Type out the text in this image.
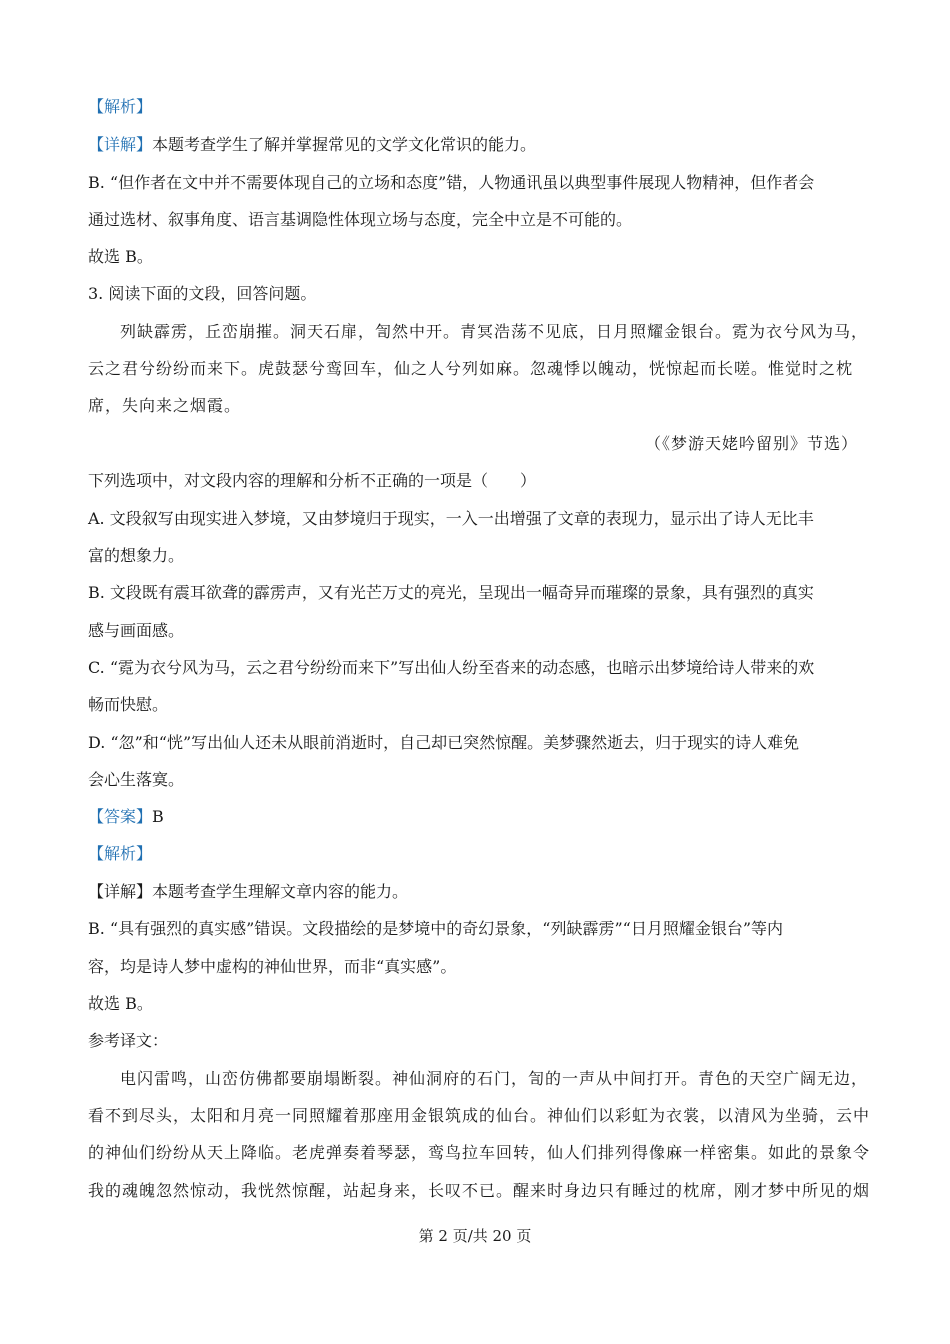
【解析】
【详解】本题考查学生了解并掌握常见的文学文化常识的能力。
B. “但作者在文中并不需要体现自己的立场和态度”错，人物通讯虽以典型事件展现人物精神，但作者会
通过选材、叙事角度、语言基调隐性体现立场与态度，完全中立是不可能的。
故选 B。
3. 阅读下面的文段，回答问题。
列缺霹雳，丘峦崩摧。洞天石扉，訇然中开。青冥浩荡不见底，日月照耀金银台。霓为衣兮风为马，
云之君兮纷纷而来下。虎鼓瑟兮鸾回车，仙之人兮列如麻。忽魂悸以魄动，恍惊起而长嗟。惟觉时之枕
席，失向来之烟霞。
（《梦游天姥吟留别》节选）
下列选项中，对文段内容的理解和分析不正确的一项是（　　）
A. 文段叙写由现实进入梦境，又由梦境归于现实，一入一出增强了文章的表现力，显示出了诗人无比丰
富的想象力。
B. 文段既有震耳欲聋的霹雳声，又有光芒万丈的亮光，呈现出一幅奇异而璀璨的景象，具有强烈的真实
感与画面感。
C. “霓为衣兮风为马，云之君兮纷纷而来下”写出仙人纷至沓来的动态感，也暗示出梦境给诗人带来的欢
畅而快慰。
D. “忽”和“恍”写出仙人还未从眼前消逝时，自己却已突然惊醒。美梦骤然逝去，归于现实的诗人难免
会心生落寞。
【答案】B
【解析】
【详解】本题考查学生理解文章内容的能力。
B. “具有强烈的真实感”错误。文段描绘的是梦境中的奇幻景象，“列缺霹雳”“日月照耀金银台”等内
容，均是诗人梦中虚构的神仙世界，而非“真实感”。
故选 B。
参考译文：
电闪雷鸣，山峦仿佛都要崩塌断裂。神仙洞府的石门，訇的一声从中间打开。青色的天空广阔无边，
看不到尽头，太阳和月亮一同照耀着那座用金银筑成的仙台。神仙们以彩虹为衣裳，以清风为坐骑，云中
的神仙们纷纷从天上降临。老虎弹奏着琴瑟，鸾鸟拉车回转，仙人们排列得像麻一样密集。如此的景象令
我的魂魄忽然惊动，我恍然惊醒，站起身来，长叹不已。醒来时身边只有睡过的枕席，刚才梦中所见的烟
第 2 页/共 20 页
